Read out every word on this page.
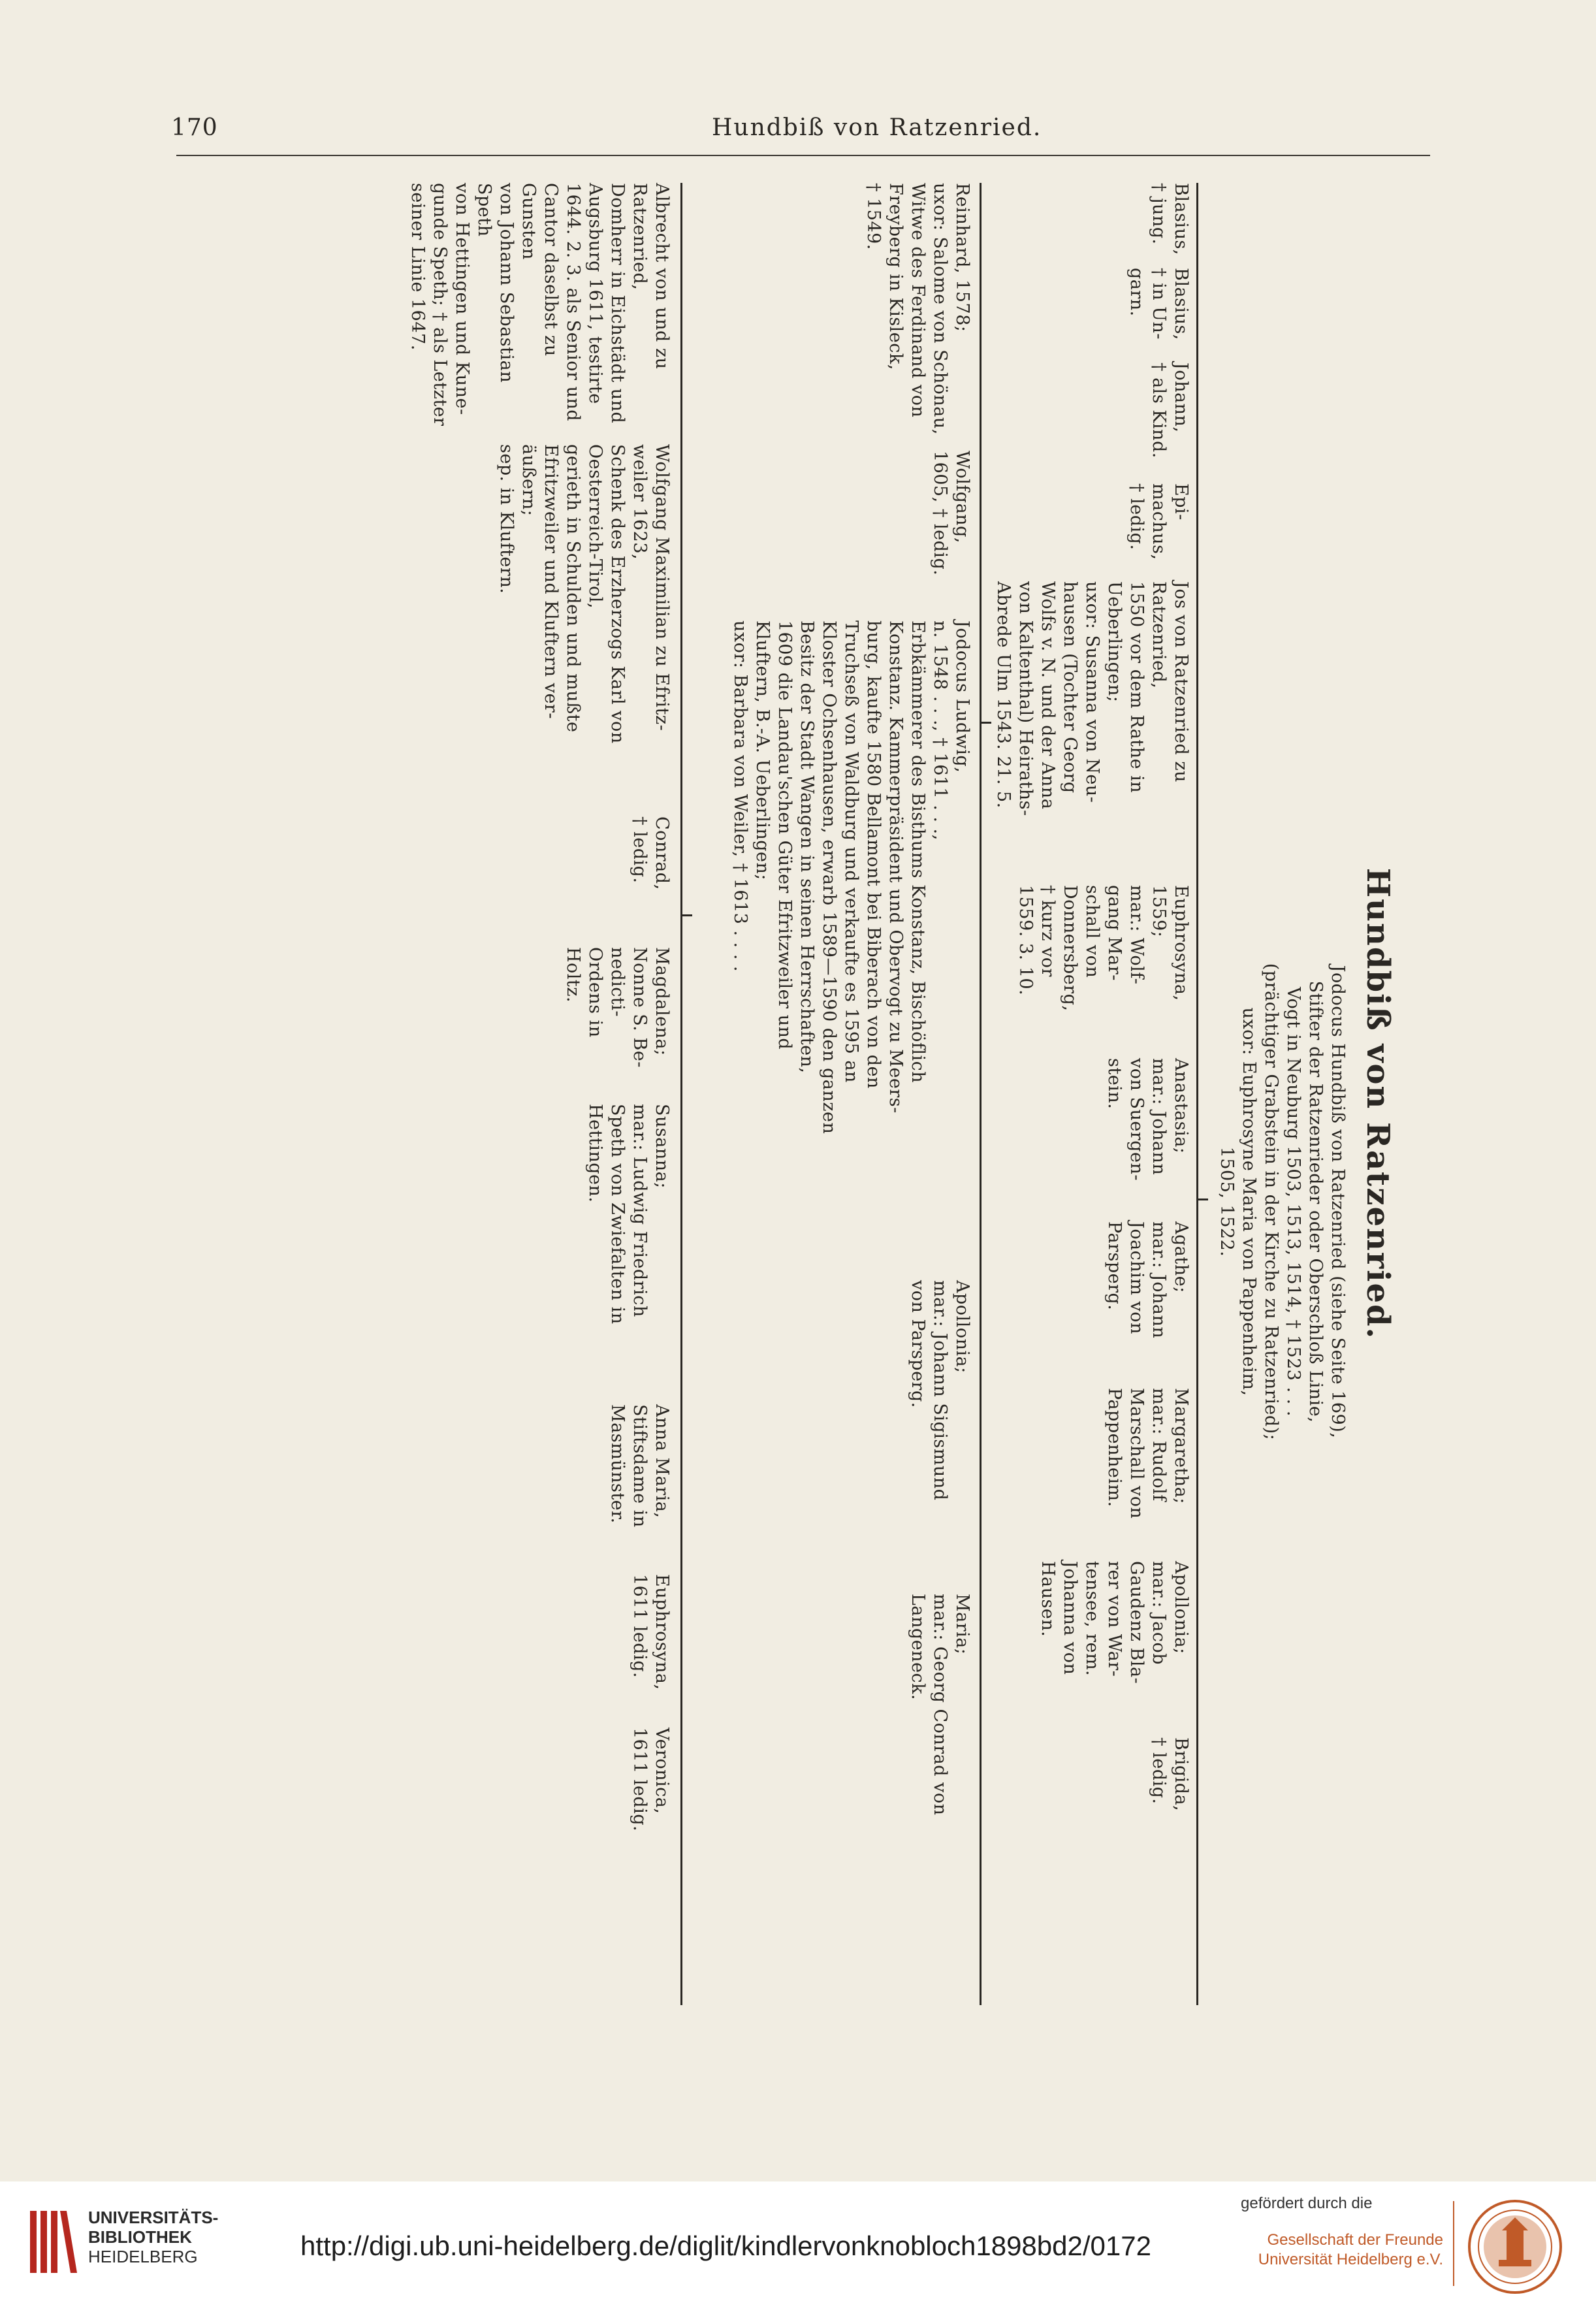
170	Hundbiß von Ratzenried.
Hundbiß von Ratzenried.
Jodocus Hundbiß von Ratzenried (siehe Seite 169),
Stifter der Ratzenrieder oder Oberschloß Linie,
Vogt in Neuburg 1503, 1513, 1514, † 1523 . . .
(prächtiger Grabstein in der Kirche zu Ratzenried);
uxor: Euphrosyne Maria von Pappenheim,
1505, 1522.
Blasius,
† jung.
Blasius,
† in Un-
garn.
Johann,
† als Kind.
Epi-
machus,
† ledig.
Jos von Ratzenried zu
Ratzenried,
1550 vor dem Rathe in
Ueberlingen;
uxor: Susanna von Neu-
hausen (Tochter Georg
Wolfs v. N. und der Anna
von Kaltenthal) Heiraths-
Abrede Ulm 1543. 21. 5.
Euphrosyna,
1559;
mar.: Wolf-
gang Mar-
schall von
Donnersberg,
† kurz vor
1559. 3. 10.
Anastasia;
mar.: Johann
von Suergen-
stein.
Agathe;
mar.: Johann
Joachim von
Parsperg.
Margaretha;
mar.: Rudolf
Marschall von
Pappenheim.
Apollonia;
mar.: Jacob
Gaudenz Bla-
rer von War-
tensee, rem.
Johanna von
Hausen.
Brigida,
† ledig.
Reinhard, 1578;
uxor: Salome von Schönau,
Witwe des Ferdinand von
Freyberg in Kisleck,
† 1549.
Wolfgang,
1605, † ledig.
Jodocus Ludwig,
n. 1548 . . ., † 1611 . . .,
Erbkämmerer des Bisthums Konstanz, Bischöflich
Konstanz. Kammerpräsident und Obervogt zu Meers-
burg, kaufte 1580 Bellamont bei Biberach von den
Truchseß von Waldburg und verkaufte es 1595 an
Kloster Ochsenhausen, erwarb 1589—1590 den ganzen
Besitz der Stadt Wangen in seinen Herrschaften,
1609 die Landau'schen Güter Efritzweiler und
Kluftern, B.-A. Ueberlingen;
uxor: Barbara von Weiler, † 1613 . . . .
Apollonia;
mar.: Johann Sigismund
von Parsperg.
Maria;
mar.: Georg Conrad von
Langeneck.
Albrecht von und zu
Ratzenried,
Domherr in Eichstädt und
Augsburg 1611, testirte
1644. 2. 3. als Senior und
Cantor daselbst zu Gunsten
von Johann Sebastian Speth
von Hettingen und Kune-
gunde Speth; † als Letzter
seiner Linie 1647.
Wolfgang Maximilian zu Efritz-
weiler 1623,
Schenk des Erzherzogs Karl von
Oesterreich-Tirol,
gerieth in Schulden und mußte
Efritzweiler und Kluftern ver-
äußern;
sep. in Kluftern.
Conrad,
† ledig.
Magdalena;
Nonne S. Be-
nedicti-
Ordens in
Holtz.
Susanna;
mar.: Ludwig Friedrich
Speth von Zwiefalten in
Hettingen.
Anna Maria,
Stiftsdame in
Masmünster.
Euphrosyna,
1611 ledig.
Veronica,
1611 ledig.
UNIVERSITÄTS-
BIBLIOTHEK
HEIDELBERG	http://digi.ub.uni-heidelberg.de/diglit/kindlervonknobloch1898bd2/0172
gefördert durch die
Gesellschaft der Freunde
Universität Heidelberg e.V.
